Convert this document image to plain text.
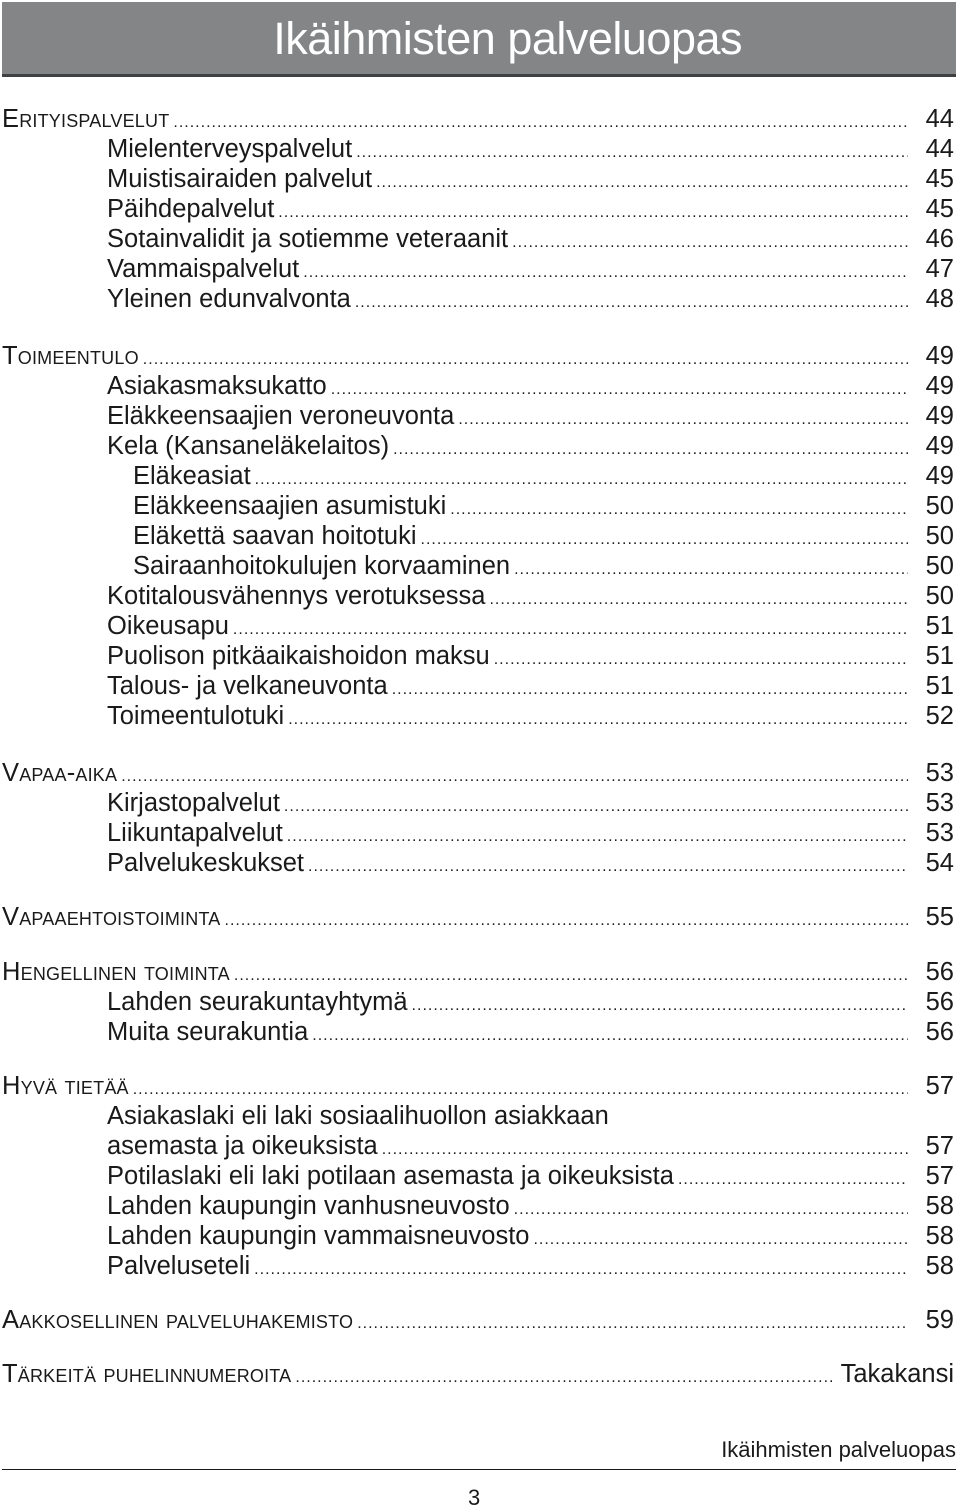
Ikäihmisten palveluopas
Erityispalvelut .....	44
Mielenterveyspalvelut .....	44
Muistisairaiden palvelut .....	45
Päihdepalvelut .....	45
Sotainvalidit ja sotiemme veteraanit .....	46
Vammaispalvelut .....	47
Yleinen edunvalvonta .....	48
Toimeentulo .....	49
Asiakasmaksukatto .....	49
Eläkkeensaajien veroneuvonta .....	49
Kela (Kansaneläkelaitos) .....	49
Eläkeasiat .....	49
Eläkkeensaajien asumistuki .....	50
Eläkettä saavan hoitotuki .....	50
Sairaanhoitokulujen korvaaminen .....	50
Kotitalousvähennys verotuksessa .....	50
Oikeusapu .....	51
Puolison pitkäaikaishoidon maksu .....	51
Talous- ja velkaneuvonta .....	51
Toimeentulotuki .....	52
Vapaa-aika .....	53
Kirjastopalvelut .....	53
Liikuntapalvelut .....	53
Palvelukeskukset .....	54
Vapaaehtoistoiminta .....	55
Hengellinen toiminta .....	56
Lahden seurakuntayhtymä .....	56
Muita seurakuntia .....	56
Hyvä tietää .....	57
Asiakaslaki eli laki sosiaalihuollon asiakkaan
asemasta ja oikeuksista .....	57
Potilaslaki eli laki potilaan asemasta ja oikeuksista .....	57
Lahden kaupungin vanhusneuvosto .....	58
Lahden kaupungin vammaisneuvosto .....	58
Palveluseteli .....	58
Aakkosellinen palveluhakemisto .....	59
Tärkeitä puhelinnumeroita .....	Takakansi
Ikäihmisten palveluopas
3
